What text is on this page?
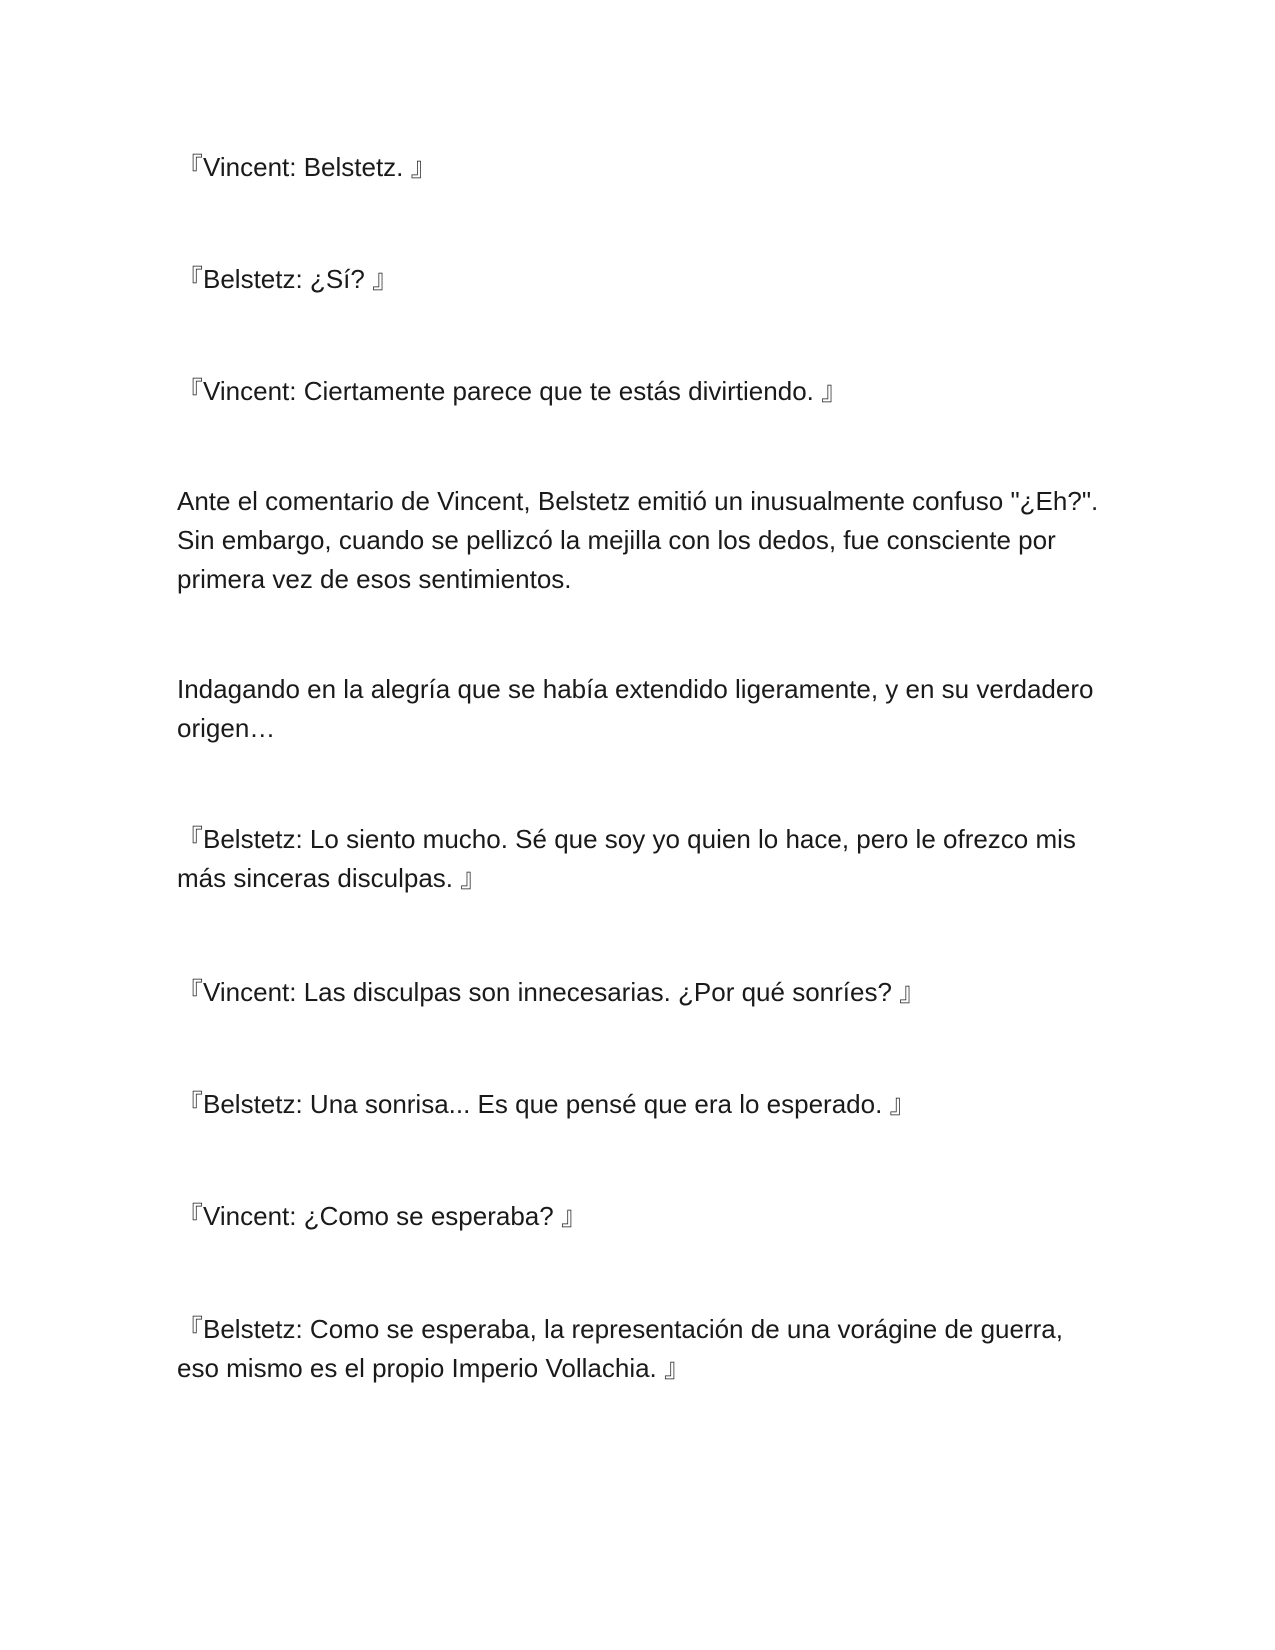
『Vincent: Belstetz. 』

『Belstetz: ¿Sí? 』

『Vincent: Ciertamente parece que te estás divirtiendo. 』

Ante el comentario de Vincent, Belstetz emitió un inusualmente confuso "¿Eh?". Sin embargo, cuando se pellizcó la mejilla con los dedos, fue consciente por primera vez de esos sentimientos.

Indagando en la alegría que se había extendido ligeramente, y en su verdadero origen…

『Belstetz: Lo siento mucho. Sé que soy yo quien lo hace, pero le ofrezco mis más sinceras disculpas. 』

『Vincent: Las disculpas son innecesarias. ¿Por qué sonríes? 』

『Belstetz: Una sonrisa... Es que pensé que era lo esperado. 』

『Vincent: ¿Como se esperaba? 』

『Belstetz: Como se esperaba, la representación de una vorágine de guerra, eso mismo es el propio Imperio Vollachia. 』
